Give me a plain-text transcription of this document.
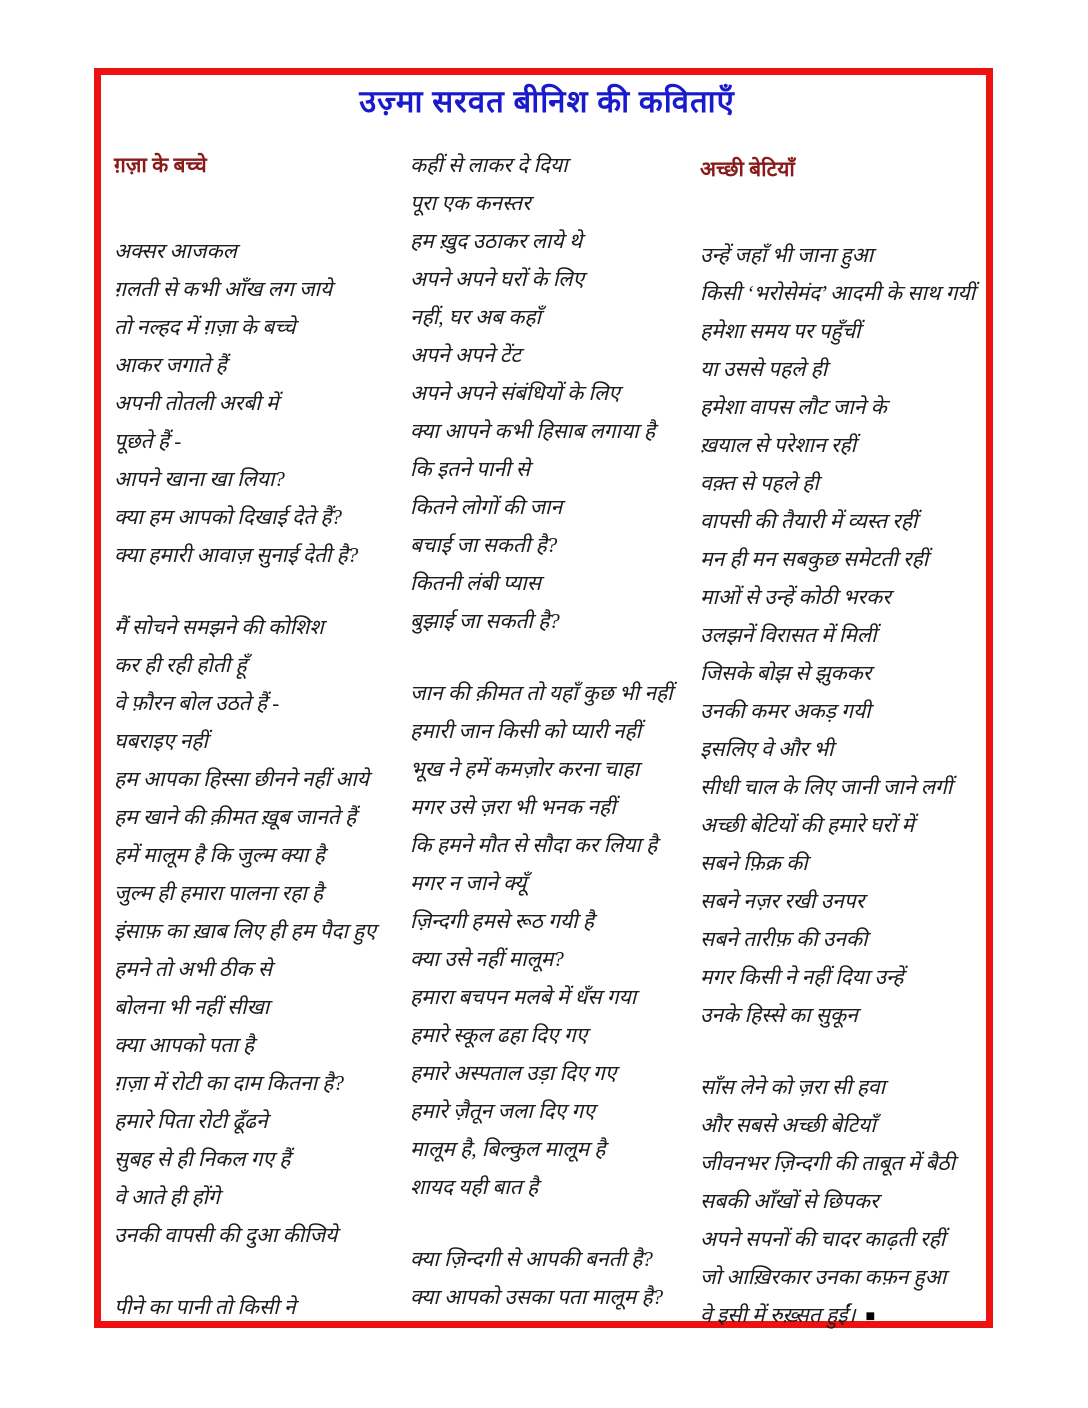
उज़्मा सरवत बीनिश की कविताएँ
ग़ज़ा के बच्चे

अक्सर आजकल

ग़लती से कभी आँख लग जाये

तो नल्हद में ग़ज़ा के बच्चे

आकर जगाते हैं

अपनी तोतली अरबी में

पूछते हैं -

आपने खाना खा लिया?

क्या हम आपको दिखाई देते हैं?

क्या हमारी आवाज़ सुनाई देती है?

मैं सोचने समझने की कोशिश

कर ही रही होती हूँ

वे फ़ौरन बोल उठते हैं -

घबराइए नहीं

हम आपका हिस्सा छीनने नहीं आये

हम खाने की क़ीमत ख़ूब जानते हैं

हमें मालूम है कि जुल्म क्या है

जुल्म ही हमारा पालना रहा है

इंसाफ़ का ख़ाब लिए ही हम पैदा हुए

हमने तो अभी ठीक से

बोलना भी नहीं सीखा

क्या आपको पता है

ग़ज़ा में रोटी का दाम कितना है?

हमारे पिता रोटी ढूँढने

सुबह से ही निकल गए हैं

वे आते ही होंगे

उनकी वापसी की दुआ कीजिये

पीने का पानी तो किसी ने

कहीं से लाकर दे दिया

पूरा एक कनस्तर

हम ख़ुद उठाकर लाये थे

अपने अपने घरों के लिए

नहीं, घर अब कहाँ

अपने अपने टेंट

अपने अपने संबंधियों के लिए

क्या आपने कभी हिसाब लगाया है

कि इतने पानी से

कितने लोगों की जान

बचाई जा सकती है?

कितनी लंबी प्यास

बुझाई जा सकती है?

जान की क़ीमत तो यहाँ कुछ भी नहीं

हमारी जान किसी को प्यारी नहीं

भूख ने हमें कमज़ोर करना चाहा

मगर उसे ज़रा भी भनक नहीं

कि हमने मौत से सौदा कर लिया है

मगर न जाने क्यूँ

ज़िन्दगी हमसे रूठ गयी है

क्या उसे नहीं मालूम?

हमारा बचपन मलबे में धँस गया

हमारे स्कूल ढहा दिए गए

हमारे अस्पताल उड़ा दिए गए

हमारे ज़ैतून जला दिए गए

मालूम है, बिल्कुल मालूम है

शायद यही बात है

क्या ज़िन्दगी से आपकी बनती है?

क्या आपको उसका पता मालूम है?

अच्छी बेटियाँ

उन्हें जहाँ भी जाना हुआ

किसी ‘भरोसेमंद’ आदमी के साथ गयीं

हमेशा समय पर पहुँचीं

या उससे पहले ही

हमेशा वापस लौट जाने के

ख़याल से परेशान रहीं

वक़्त से पहले ही

वापसी की तैयारी में व्यस्त रहीं

मन ही मन सबकुछ समेटती रहीं

माओं से उन्हें कोठी भरकर

उलझनें विरासत में मिलीं

जिसके बोझ से झुककर

उनकी कमर अकड़ गयी

इसलिए वे और भी

सीधी चाल के लिए जानी जाने लगीं

अच्छी बेटियों की हमारे घरों में

सबने फ़िक्र की

सबने नज़र रखी उनपर

सबने तारीफ़ की उनकी

मगर किसी ने नहीं दिया उन्हें

उनके हिस्से का सुकून

साँस लेने को ज़रा सी हवा

और सबसे अच्छी बेटियाँ

जीवनभर ज़िन्दगी की ताबूत में बैठी

सबकी आँखों से छिपकर

अपने सपनों की चादर काढ़ती रहीं

जो आख़िरकार उनका कफ़न हुआ

वे इसी में रुख़्सत हुईं। ■
